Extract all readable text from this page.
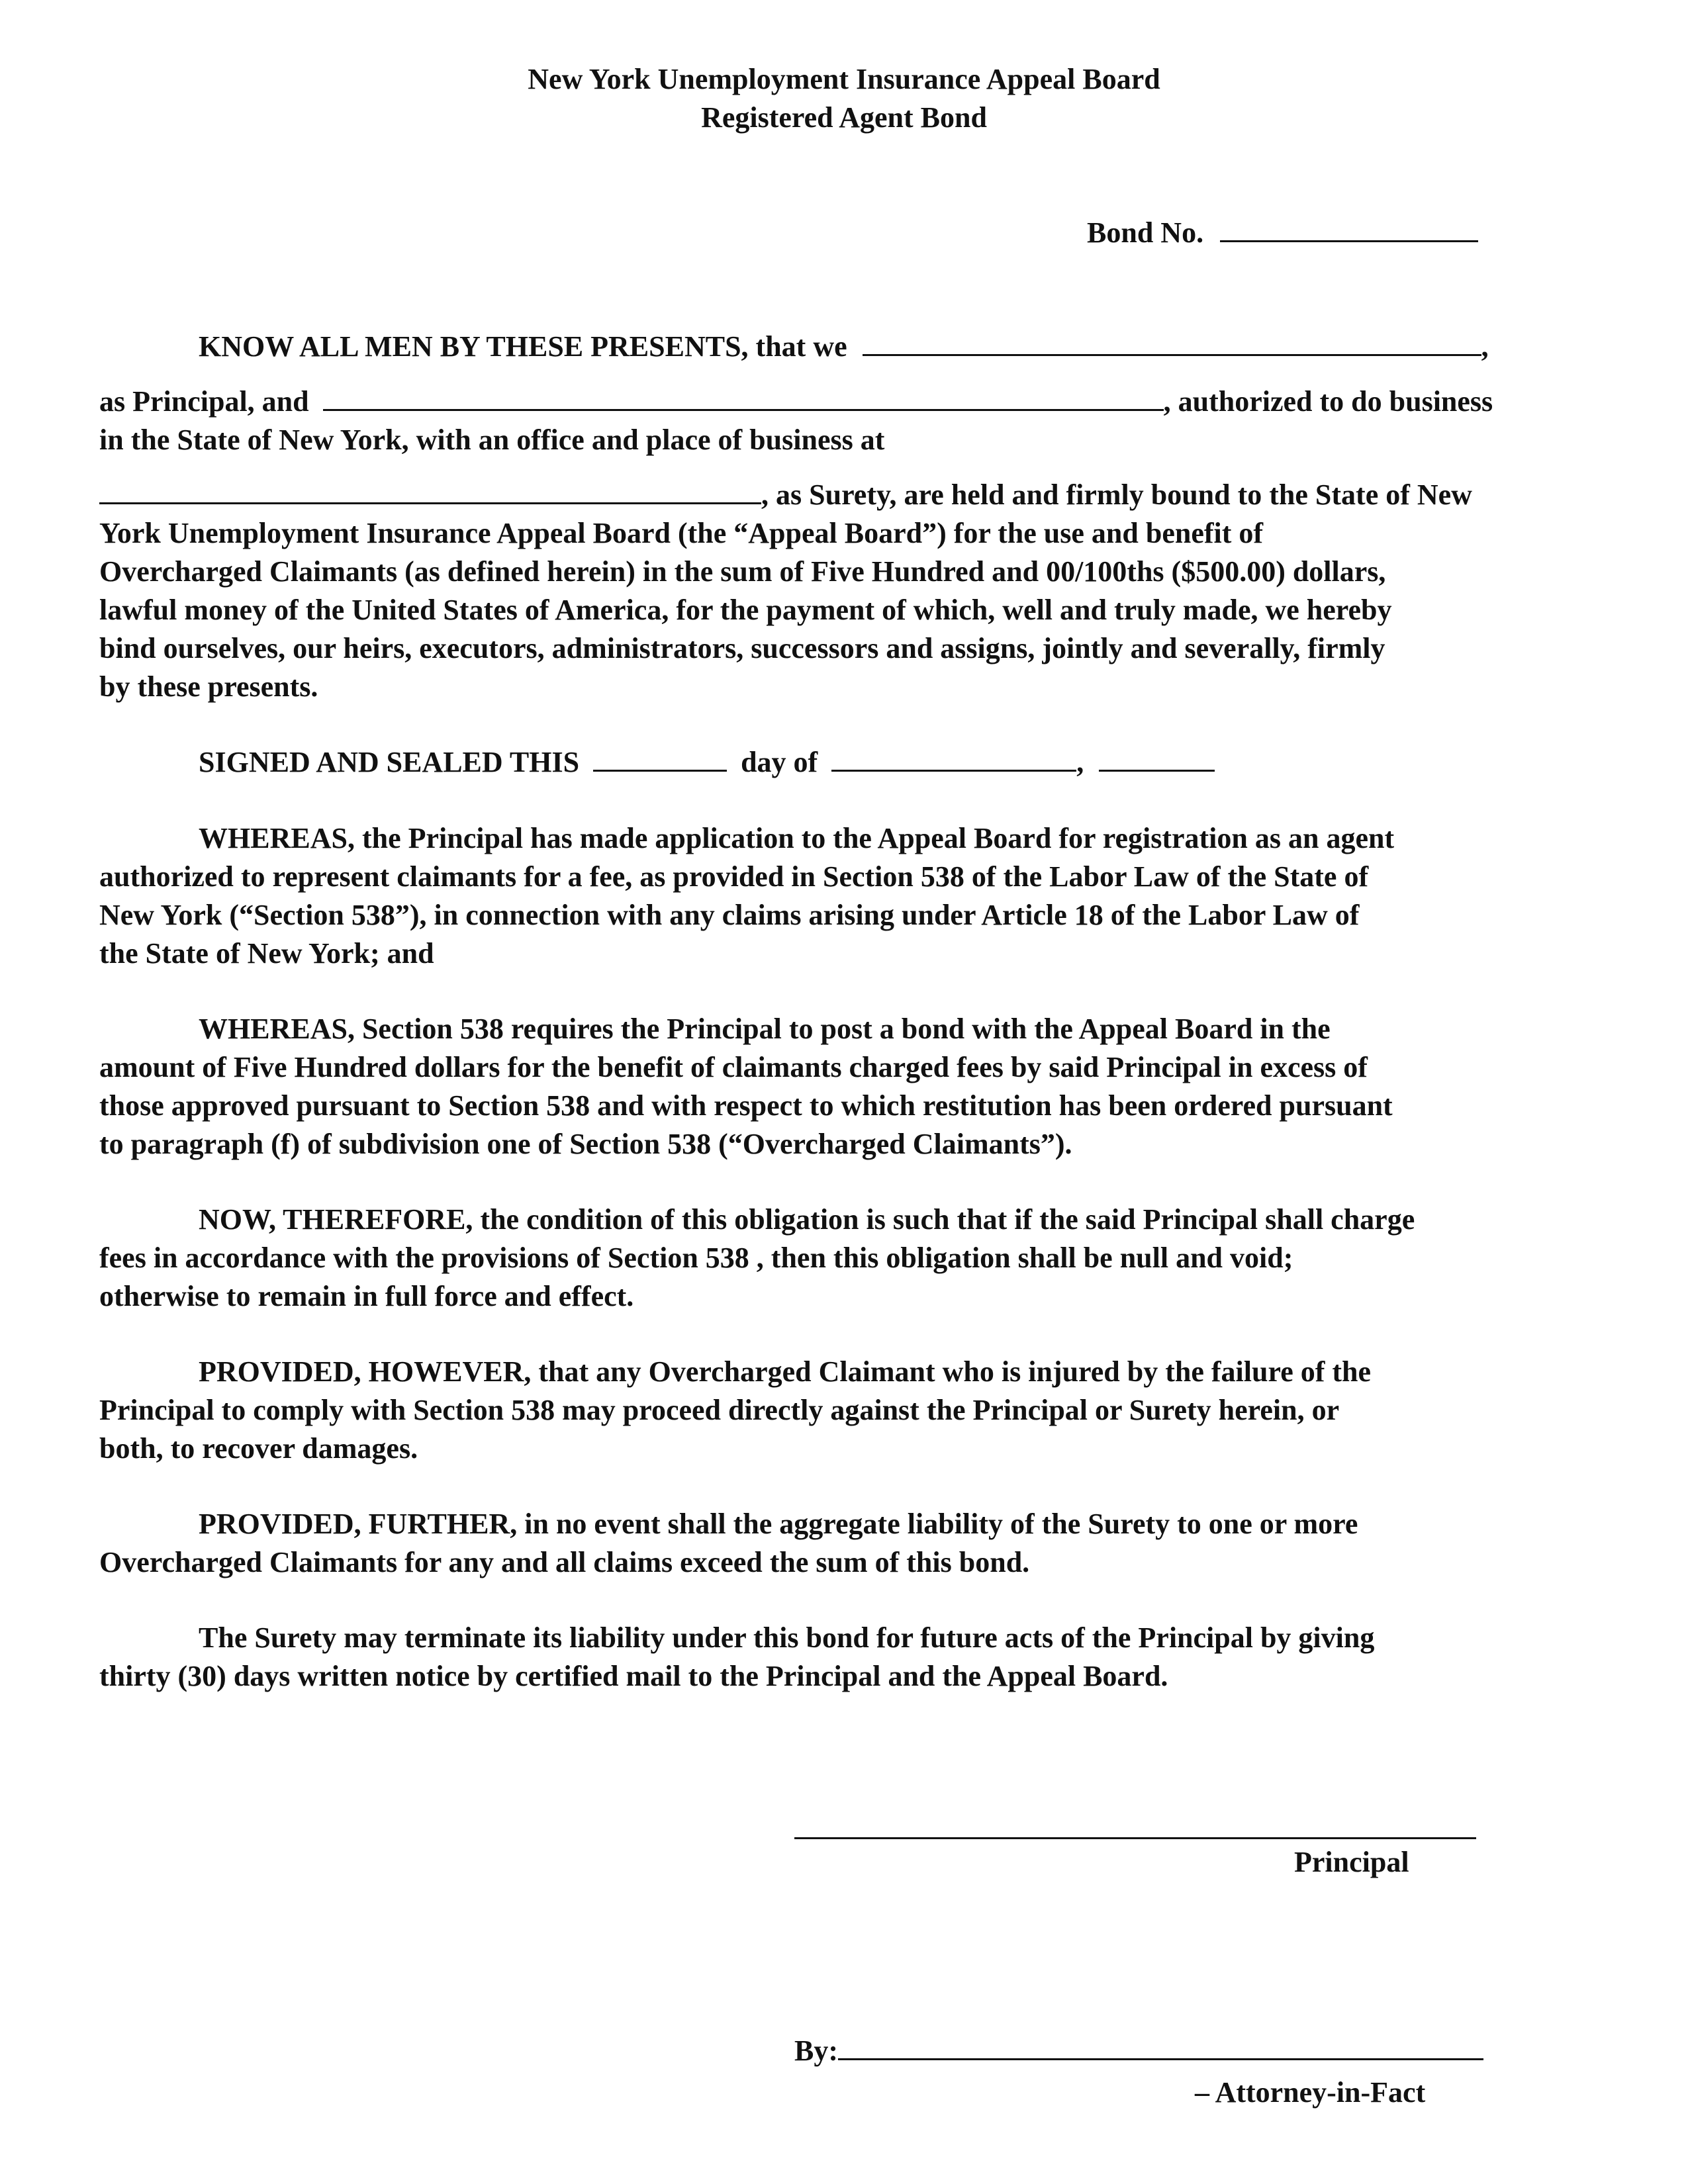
New York Unemployment Insurance Appeal Board
Registered Agent Bond
Bond No.
KNOW ALL MEN BY THESE PRESENTS, that we	,
as Principal, and	, authorized to do business
in the State of New York, with an office and place of business at
, as Surety, are held and firmly bound to the State of New
York Unemployment Insurance Appeal Board (the “Appeal Board”) for the use and benefit of
Overcharged Claimants (as defined herein) in the sum of Five Hundred and 00/100ths ($500.00) dollars,
lawful money of the United States of America, for the payment of which, well and truly made, we hereby
bind ourselves, our heirs, executors, administrators, successors and assigns, jointly and severally, firmly
by these presents.
SIGNED AND SEALED THIS	day of	,
WHEREAS, the Principal has made application to the Appeal Board for registration as an agent
authorized to represent claimants for a fee, as provided in Section 538 of the Labor Law of the State of
New York (“Section 538”), in connection with any claims arising under Article 18 of the Labor Law of
the State of New York; and
WHEREAS, Section 538 requires the Principal to post a bond with the Appeal Board in the
amount of Five Hundred dollars for the benefit of claimants charged fees by said Principal in excess of
those approved pursuant to Section 538 and with respect to which restitution has been ordered pursuant
to paragraph (f) of subdivision one of Section 538 (“Overcharged Claimants”).
NOW, THEREFORE, the condition of this obligation is such that if the said Principal shall charge
fees in accordance with the provisions of Section 538 , then this obligation shall be null and void;
otherwise to remain in full force and effect.
PROVIDED, HOWEVER, that any Overcharged Claimant who is injured by the failure of the
Principal to comply with Section 538 may proceed directly against the Principal or Surety herein, or
both, to recover damages.
PROVIDED, FURTHER, in no event shall the aggregate liability of the Surety to one or more
Overcharged Claimants for any and all claims exceed the sum of this bond.
The Surety may terminate its liability under this bond for future acts of the Principal by giving
thirty (30) days written notice by certified mail to the Principal and the Appeal Board.
Principal
By:
– Attorney-in-Fact
